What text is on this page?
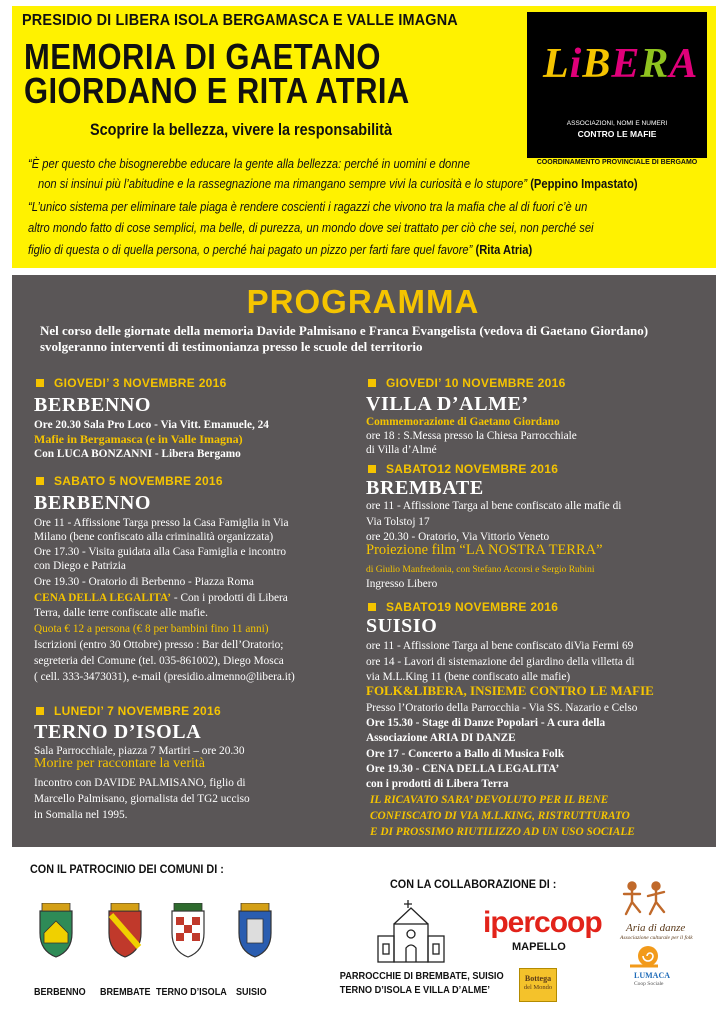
PRESIDIO DI LIBERA ISOLA BERGAMASCA E VALLE IMAGNA
MEMORIA DI GAETANO
GIORDANO E RITA ATRIA
Scoprire la bellezza, vivere la responsabilità
“È per questo che bisognerebbe educare la gente alla bellezza: perché in uomini e donne
non si insinui più l’abitudine e la rassegnazione ma rimangano sempre vivi la curiosità e lo stupore” (Peppino Impastato)
“L’unico sistema per eliminare tale piaga è rendere coscienti i ragazzi che vivono tra la mafia che al di fuori c’è un
altro mondo fatto di cose semplici, ma belle, di purezza, un mondo dove sei trattato per ciò che sei, non perché sei
figlio di questa o di quella persona, o perché hai pagato un pizzo per farti fare quel favore” (Rita Atria)
LiBERA
ASSOCIAZIONI, NOMI E NUMERI
CONTRO LE MAFIE
COORDINAMENTO PROVINCIALE DI BERGAMO
PROGRAMMA
Nel corso delle giornate della memoria Davide Palmisano e Franca Evangelista (vedova di Gaetano Giordano) svolgeranno interventi di testimonianza presso le scuole del territorio
GIOVEDI’ 3 NOVEMBRE 2016
BERBENNO
Ore 20.30 Sala Pro Loco - Via Vitt. Emanuele, 24
Mafie in Bergamasca (e in Valle Imagna)
Con LUCA BONZANNI - Libera Bergamo
SABATO 5 NOVEMBRE 2016
BERBENNO
Ore 11 - Affissione Targa presso la Casa Famiglia in Via
Milano (bene confiscato alla criminalità organizzata)
Ore 17.30 - Visita guidata alla Casa Famiglia e incontro
con Diego e Patrizia
Ore 19.30 - Oratorio di Berbenno - Piazza Roma
CENA DELLA LEGALITA’ - Con i prodotti di Libera
Terra, dalle terre confiscate alle mafie.
Quota € 12 a persona (€ 8 per bambini fino 11 anni)
Iscrizioni (entro 30 Ottobre) presso : Bar dell’Oratorio;
segreteria del Comune (tel. 035-861002), Diego Mosca
( cell. 333-3473031), e-mail (presidio.almenno@libera.it)
LUNEDI’ 7 NOVEMBRE 2016
TERNO D’ISOLA
Sala Parrocchiale, piazza 7 Martiri – ore 20.30
Morire per raccontare la verità
Incontro con DAVIDE PALMISANO, figlio di
Marcello Palmisano, giornalista del TG2 ucciso
in Somalia nel 1995.
GIOVEDI’ 10 NOVEMBRE 2016
VILLA D’ALME’
Commemorazione di Gaetano Giordano
ore 18 : S.Messa presso la Chiesa Parrocchiale
di Villa d’Almé
SABATO12 NOVEMBRE 2016
BREMBATE
ore 11 - Affissione Targa al bene confiscato alle mafie di
Via Tolstoj 17
ore 20.30 - Oratorio, Via Vittorio Veneto
Proiezione film “LA NOSTRA TERRA”
di Giulio Manfredonia, con Stefano Accorsi e Sergio Rubini
Ingresso Libero
SABATO19 NOVEMBRE 2016
SUISIO
ore 11 - Affissione Targa al bene confiscato diVia Fermi 69
ore 14 - Lavori di sistemazione del giardino della villetta di
via M.L.King 11 (bene confiscato alle mafie)
FOLK&LIBERA, INSIEME CONTRO LE MAFIE
Presso l’Oratorio della Parrocchia - Via SS. Nazario e Celso
Ore 15.30 - Stage di Danze Popolari - A cura della
Associazione ARIA DI DANZE
Ore 17 - Concerto a Ballo di Musica Folk
Ore 19.30 - CENA DELLA LEGALITA’
con i prodotti di Libera Terra
IL RICAVATO SARA’ DEVOLUTO PER IL BENE
CONFISCATO DI VIA M.L.KING, RISTRUTTURATO
E DI PROSSIMO RIUTILIZZO AD UN USO SOCIALE
CON IL PATROCINIO DEI COMUNI DI :
CON LA COLLABORAZIONE DI :
BERBENNO BREMBATE TERNO D’ISOLA SUISIO
PARROCCHIE DI BREMBATE, SUISIO
TERNO D’ISOLA E VILLA D’ALME’
ipercoop
MAPELLO
Bottega
del Mondo
Aria di danze
Associazione culturale per il folk
LUMACA
Coop Sociale
